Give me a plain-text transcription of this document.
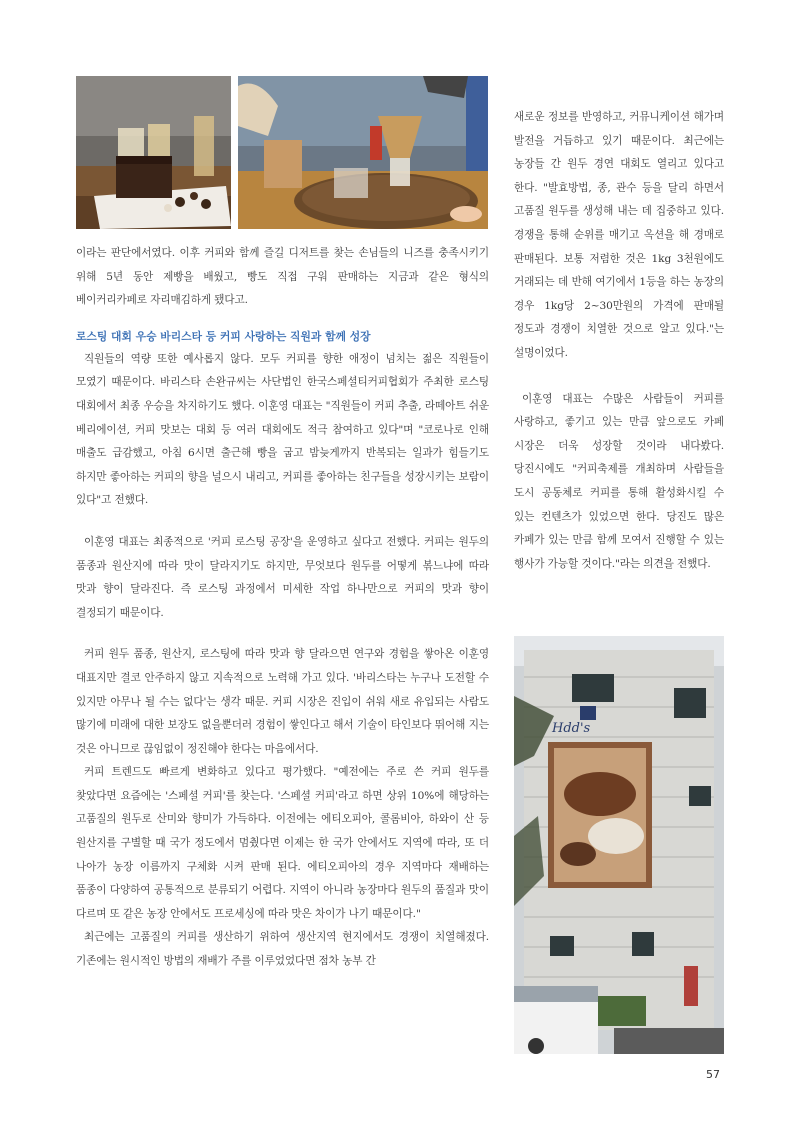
이라는 판단에서였다. 이후 커피와 함께 즐길 디저트를 찾는 손님들의 니즈를 충족시키기 위해 5년 동안 제빵을 배웠고, 빵도 직접 구워 판매하는 지금과 같은 형식의 베이커리카페로 자리매김하게 됐다고.

로스팅 대회 우승 바리스타 등 커피 사랑하는 직원과 함께 성장

직원들의 역량 또한 예사롭지 않다. 모두 커피를 향한 애정이 넘치는 젊은 직원들이 모였기 때문이다. 바리스타 손완규씨는 사단법인 한국스페셜티커피협회가 주최한 로스팅 대회에서 최종 우승을 차지하기도 했다. 이훈영 대표는 "직원들이 커피 추출, 라떼아트 쉬운 베리에이션, 커피 맛보는 대회 등 여러 대회에도 적극 참여하고 있다"며 "코로나로 인해 매출도 급감했고, 아침 6시면 출근해 빵을 굽고 밤늦게까지 반복되는 일과가 힘들기도 하지만 좋아하는 커피의 향을 널으시 내리고, 커피를 좋아하는 친구들을 성장시키는 보람이 있다"고 전했다.

이훈영 대표는 최종적으로 '커피 로스팅 공장'을 운영하고 싶다고 전했다. 커피는 원두의 품종과 원산지에 따라 맛이 달라지기도 하지만, 무엇보다 원두를 어떻게 볶느냐에 따라 맛과 향이 달라진다. 즉 로스팅 과정에서 미세한 작업 하나만으로 커피의 맛과 향이 결정되기 때문이다.

커피 원두 품종, 원산지, 로스팅에 따라 맛과 향 달라으면 연구와 경험을 쌓아온 이훈영 대표지만 결코 안주하지 않고 지속적으로 노력해 가고 있다. '바리스타는 누구나 도전할 수 있지만 아무나 될 수는 없다'는 생각 때문. 커피 시장은 진입이 쉬워 새로 유입되는 사람도 많기에 미래에 대한 보장도 없을뿐더러 경험이 쌓인다고 해서 기술이 타인보다 뛰어해 지는 것은 아니므로 끊임없이 정진해야 한다는 마음에서다.

커피 트렌드도 빠르게 변화하고 있다고 평가했다. "예전에는 주로 쓴 커피 원두를 찾았다면 요즘에는 '스페셜 커피'를 찾는다. '스페셜 커피'라고 하면 상위 10%에 해당하는 고품질의 원두로 산미와 향미가 가득하다. 이전에는 에티오피아, 콜롬비아, 하와이 산 등 원산지를 구별할 때 국가 정도에서 멈췄다면 이제는 한 국가 안에서도 지역에 따라, 또 더 나아가 농장 이름까지 구체화 시켜 판매 된다. 에티오피아의 경우 지역마다 재배하는 품종이 다양하여 공통적으로 분류되기 어렵다. 지역이 아니라 농장마다 원두의 품질과 맛이 다르며 또 같은 농장 안에서도 프로세싱에 따라 맛은 차이가 나기 때문이다."

최근에는 고품질의 커피를 생산하기 위하여 생산지역 현지에서도 경쟁이 치열해졌다. 기존에는 원시적인 방법의 재배가 주를 이루었었다면 점차 농부 간

새로운 정보를 반영하고, 커뮤니케이션 해가며 발전을 거듭하고 있기 때문이다. 최근에는 농장들 간 원두 경연 대회도 열리고 있다고 한다. "발효방법, 종, 관수 등을 달리 하면서 고품질 원두를 생성해 내는 데 집중하고 있다. 경쟁을 통해 순위를 매기고 옥션을 해 경매로 판매된다. 보통 저렴한 것은 1kg 3천원에도 거래되는 데 반해 여기에서 1등을 하는 농장의 경우 1kg당 2~30만원의 가격에 판매될 정도과 경쟁이 치열한 것으로 알고 있다."는 설명이었다.

이훈영 대표는 수많은 사람들이 커피를 사랑하고, 좋기고 있는 만큼 앞으로도 카페 시장은 더욱 성장할 것이라 내다봤다. 당진시에도 "커피축제를 개최하며 사람들을 도시 공동체로 커피를 통해 활성화시킬 수 있는 컨텐츠가 있었으면 한다. 당진도 많은 카페가 있는 만큼 함께 모여서 진행할 수 있는 행사가 가능할 것이다."라는 의견을 전했다.

Hdd's
57
